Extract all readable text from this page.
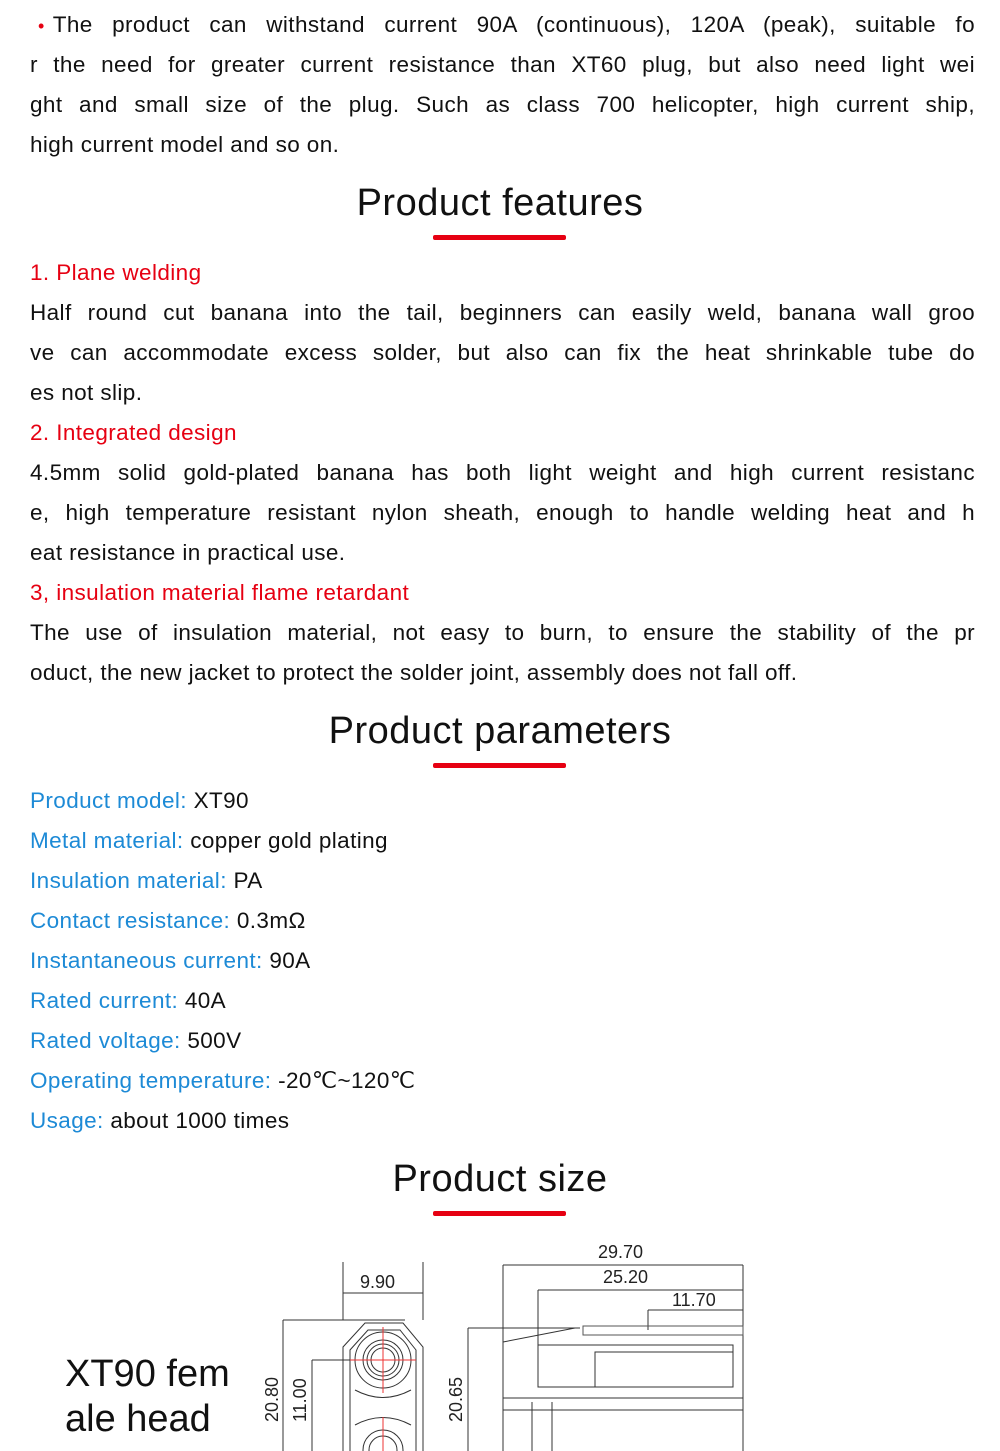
• The product can withstand current 90A (continuous), 120A (peak), suitable fo
r the need for greater current resistance than XT60 plug, but also need light wei
ght and small size of the plug. Such as class 700 helicopter, high current ship,
high current model and so on.
Product features
1. Plane welding
Half round cut banana into the tail, beginners can easily weld, banana wall groo
ve can accommodate excess solder, but also can fix the heat shrinkable tube do
es not slip.
2. Integrated design
4.5mm solid gold-plated banana has both light weight and high current resistanc
e, high temperature resistant nylon sheath, enough to handle welding heat and h
eat resistance in practical use.
3, insulation material flame retardant
The use of insulation material, not easy to burn, to ensure the stability of the pr
oduct, the new jacket to protect the solder joint, assembly does not fall off.
Product parameters
Product model: XT90
Metal material: copper gold plating
Insulation material: PA
Contact resistance: 0.3mΩ
Instantaneous current: 90A
Rated current: 40A
Rated voltage: 500V
Operating temperature: -20℃~120℃
Usage: about 1000 times
Product size
XT90 fem
ale head
9.90
20.80 11.00	20.65
29.70
25.20
11.70
